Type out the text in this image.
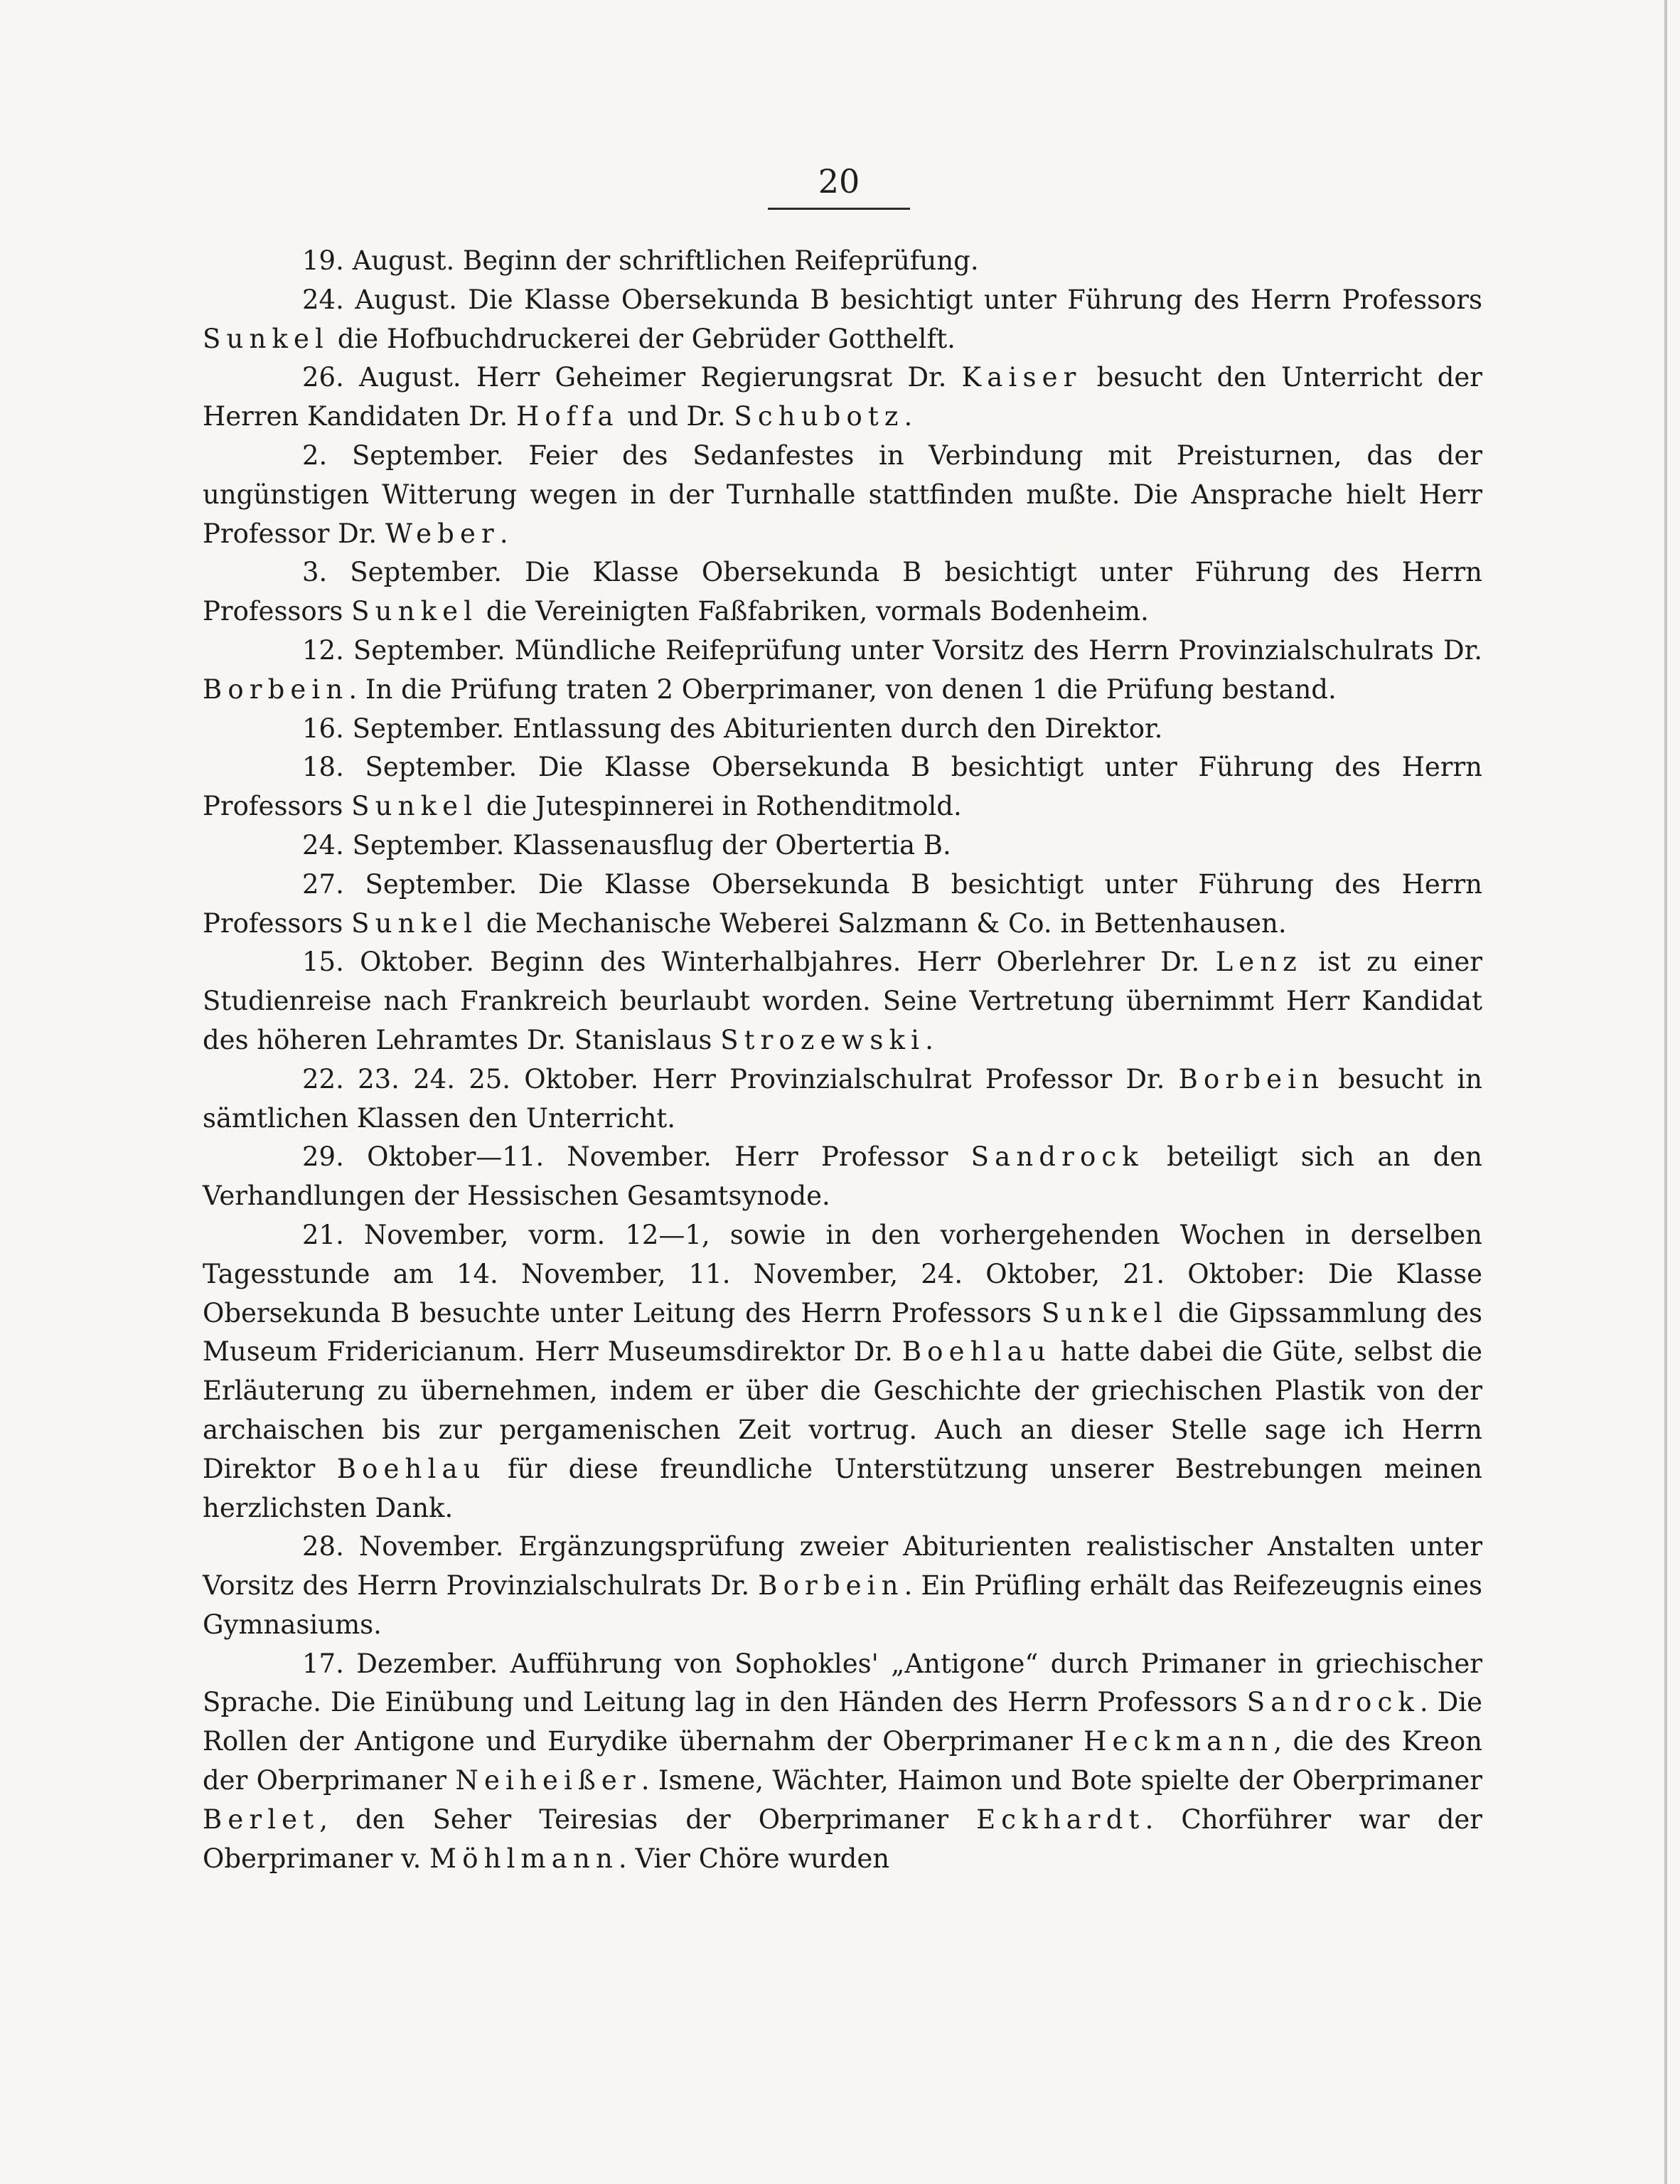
20

19. August. Beginn der schriftlichen Reifeprüfung.

24. August. Die Klasse Obersekunda B besichtigt unter Führung des Herrn Professors Sunkel die Hofbuchdruckerei der Gebrüder Gotthelft.

26. August. Herr Geheimer Regierungsrat Dr. Kaiser besucht den Unterricht der Herren Kandidaten Dr. Hoffa und Dr. Schubotz.

2. September. Feier des Sedanfestes in Verbindung mit Preisturnen, das der ungünstigen Witterung wegen in der Turnhalle stattfinden mußte. Die Ansprache hielt Herr Professor Dr. Weber.

3. September. Die Klasse Obersekunda B besichtigt unter Führung des Herrn Professors Sunkel die Vereinigten Faßfabriken, vormals Bodenheim.

12. September. Mündliche Reifeprüfung unter Vorsitz des Herrn Provinzialschulrats Dr. Borbein. In die Prüfung traten 2 Oberprimaner, von denen 1 die Prüfung bestand.

16. September. Entlassung des Abiturienten durch den Direktor.

18. September. Die Klasse Obersekunda B besichtigt unter Führung des Herrn Professors Sunkel die Jutespinnerei in Rothenditmold.

24. September. Klassenausflug der Obertertia B.

27. September. Die Klasse Obersekunda B besichtigt unter Führung des Herrn Professors Sunkel die Mechanische Weberei Salzmann & Co. in Bettenhausen.

15. Oktober. Beginn des Winterhalbjahres. Herr Oberlehrer Dr. Lenz ist zu einer Studienreise nach Frankreich beurlaubt worden. Seine Vertretung übernimmt Herr Kandidat des höheren Lehramtes Dr. Stanislaus Strozewski.

22. 23. 24. 25. Oktober. Herr Provinzialschulrat Professor Dr. Borbein besucht in sämtlichen Klassen den Unterricht.

29. Oktober—11. November. Herr Professor Sandrock beteiligt sich an den Verhandlungen der Hessischen Gesamtsynode.

21. November, vorm. 12—1, sowie in den vorhergehenden Wochen in derselben Tagesstunde am 14. November, 11. November, 24. Oktober, 21. Oktober: Die Klasse Obersekunda B besuchte unter Leitung des Herrn Professors Sunkel die Gipssammlung des Museum Fridericianum. Herr Museumsdirektor Dr. Boehlau hatte dabei die Güte, selbst die Erläuterung zu übernehmen, indem er über die Geschichte der griechischen Plastik von der archaischen bis zur pergamenischen Zeit vortrug. Auch an dieser Stelle sage ich Herrn Direktor Boehlau für diese freundliche Unterstützung unserer Bestrebungen meinen herzlichsten Dank.

28. November. Ergänzungsprüfung zweier Abiturienten realistischer Anstalten unter Vorsitz des Herrn Provinzialschulrats Dr. Borbein. Ein Prüfling erhält das Reifezeugnis eines Gymnasiums.

17. Dezember. Aufführung von Sophokles' „Antigone“ durch Primaner in griechischer Sprache. Die Einübung und Leitung lag in den Händen des Herrn Professors Sandrock. Die Rollen der Antigone und Eurydike übernahm der Oberprimaner Heckmann, die des Kreon der Oberprimaner Neiheißer. Ismene, Wächter, Haimon und Bote spielte der Oberprimaner Berlet, den Seher Teiresias der Oberprimaner Eckhardt. Chorführer war der Oberprimaner v. Möhlmann. Vier Chöre wurden
